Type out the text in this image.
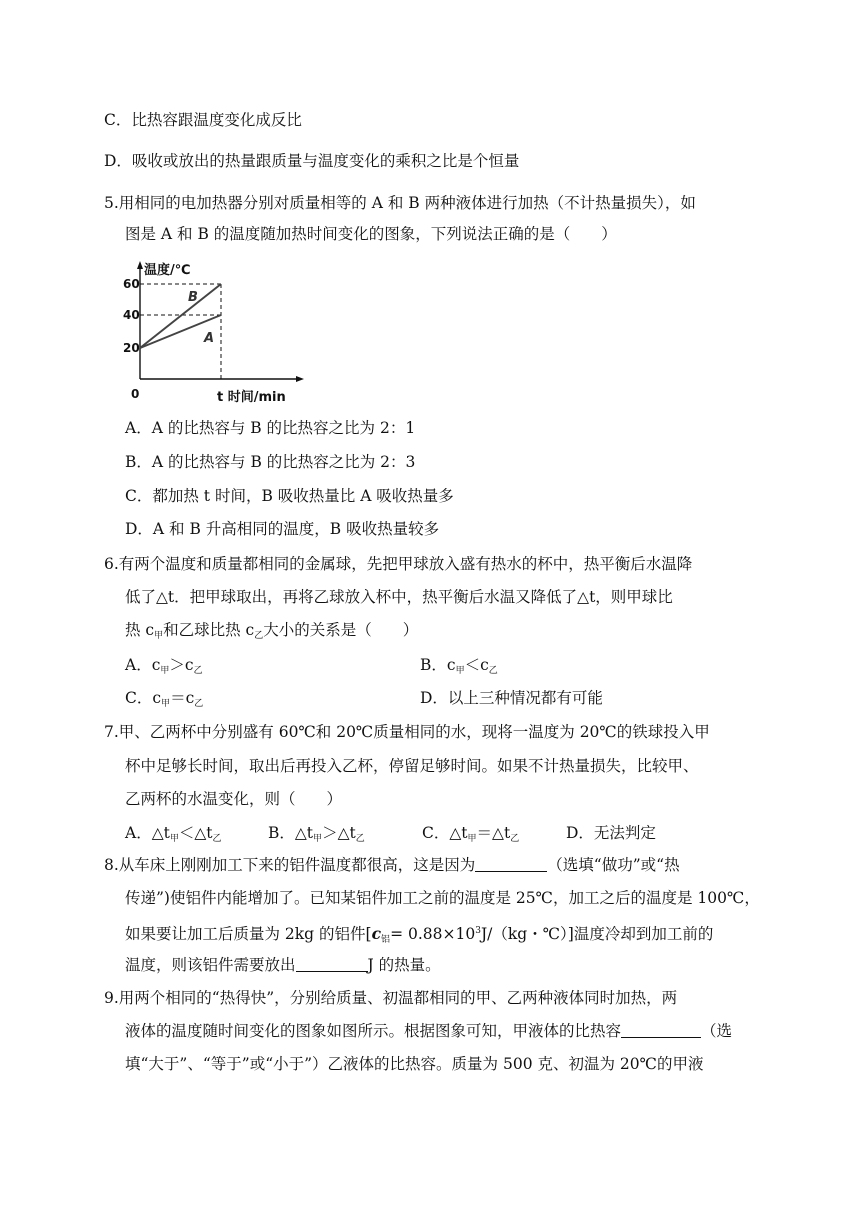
C．比热容跟温度变化成反比
D．吸收或放出的热量跟质量与温度变化的乘积之比是个恒量
5.用相同的电加热器分别对质量相等的 A 和 B 两种液体进行加热（不计热量损失），如
图是 A 和 B 的温度随加热时间变化的图象，下列说法正确的是（　　）
温度/℃
60
40
20
0	t 时间/min
B
A
A．A 的比热容与 B 的比热容之比为 2：1
B．A 的比热容与 B 的比热容之比为 2：3
C．都加热 t 时间，B 吸收热量比 A 吸收热量多
D．A 和 B 升高相同的温度，B 吸收热量较多
6.有两个温度和质量都相同的金属球，先把甲球放入盛有热水的杯中，热平衡后水温降
低了△t．把甲球取出，再将乙球放入杯中，热平衡后水温又降低了△t，则甲球比
热 $c_甲$和乙球比热 $c_乙$大小的关系是（　　）
A．$c_甲>c_乙$	B．$c_甲<c_乙$
C．$c_甲=c_乙$	D．以上三种情况都有可能
7.甲、乙两杯中分别盛有 60℃和 20℃质量相同的水，现将一温度为 20℃的铁球投入甲
杯中足够长时间，取出后再投入乙杯，停留足够时间。如果不计热量损失，比较甲、
乙两杯的水温变化，则（　　）
A．$\triangle t_甲<\triangle t_乙$	B．$\triangle t_甲>\triangle t_乙$	C．$\triangle t_甲=\triangle t_乙$	D．无法判定
8.从车床上刚刚加工下来的铝件温度都很高，这是因为	（选填“做功”或“热
传递”)使铝件内能增加了。已知某铝件加工之前的温度是 25℃，加工之后的温度是 100℃，
如果要让加工后质量为 2kg 的铝件[$c_铝= 0.88\times 10^3J/(kg$・℃）]温度冷却到加工前的
温度，则该铝件需要放出	J 的热量。
9.用两个相同的“热得快”，分别给质量、初温都相同的甲、乙两种液体同时加热，两
液体的温度随时间变化的图象如图所示。根据图象可知，甲液体的比热容	（选
填“大于”、“等于”或“小于”）乙液体的比热容。质量为 500 克、初温为 20℃的甲液
